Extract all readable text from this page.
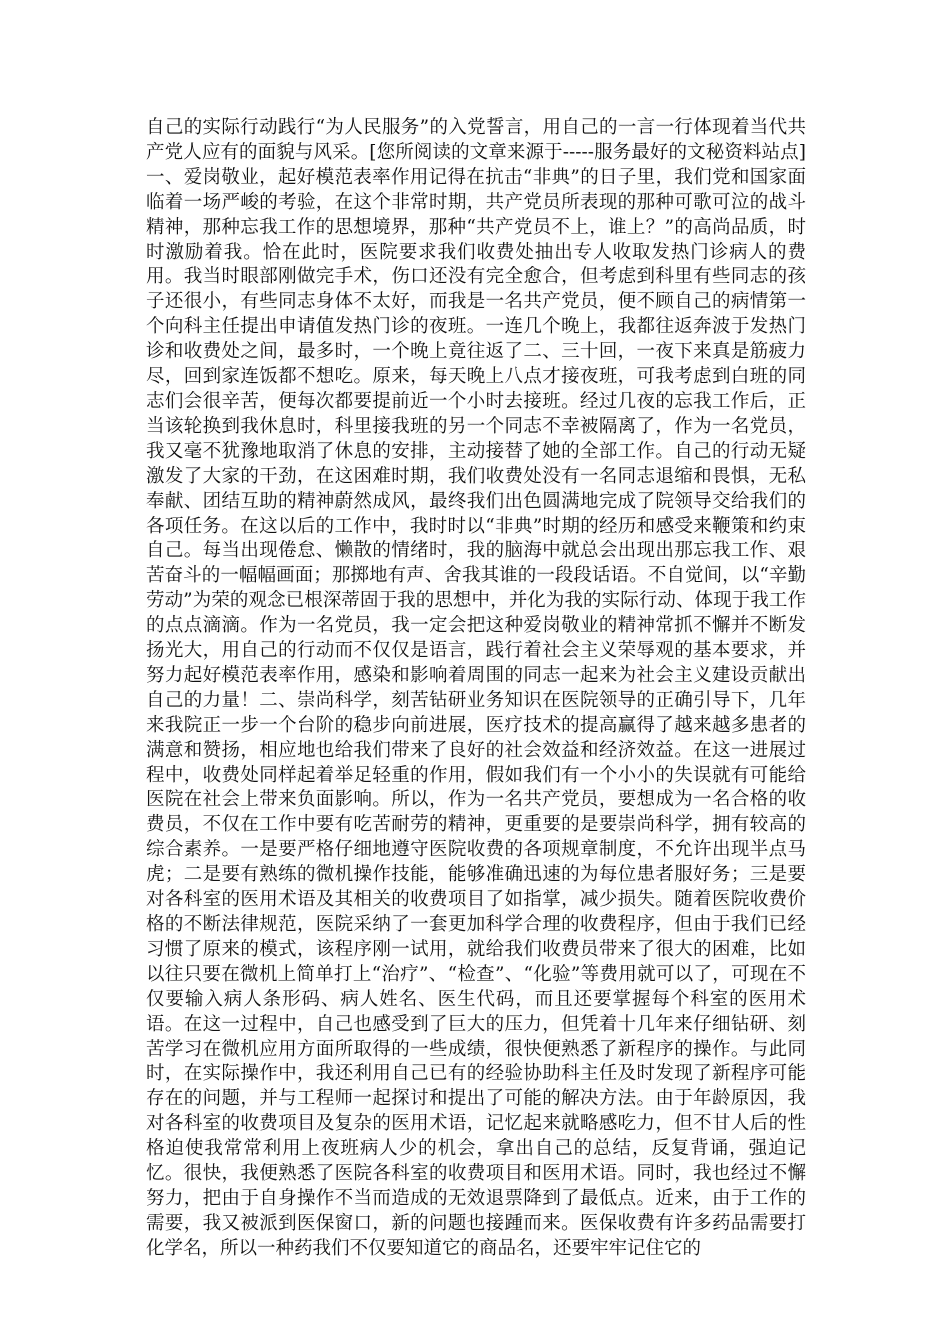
自己的实际行动践行“为人民服务”的入党誓言，用自己的一言一行体现着当代共产党人应有的面貌与风采。[您所阅读的文章来源于-----服务最好的文秘资料站点]一、爱岗敬业，起好模范表率作用记得在抗击“非典”的日子里，我们党和国家面临着一场严峻的考验，在这个非常时期，共产党员所表现的那种可歌可泣的战斗精神，那种忘我工作的思想境界，那种“共产党员不上，谁上？”的高尚品质，时时激励着我。恰在此时，医院要求我们收费处抽出专人收取发热门诊病人的费用。我当时眼部刚做完手术，伤口还没有完全愈合，但考虑到科里有些同志的孩子还很小，有些同志身体不太好，而我是一名共产党员，便不顾自己的病情第一个向科主任提出申请值发热门诊的夜班。一连几个晚上，我都往返奔波于发热门诊和收费处之间，最多时，一个晚上竟往返了二、三十回，一夜下来真是筋疲力尽，回到家连饭都不想吃。原来，每天晚上八点才接夜班，可我考虑到白班的同志们会很辛苦，便每次都要提前近一个小时去接班。经过几夜的忘我工作后，正当该轮换到我休息时，科里接我班的另一个同志不幸被隔离了，作为一名党员，我又毫不犹豫地取消了休息的安排，主动接替了她的全部工作。自己的行动无疑激发了大家的干劲，在这困难时期，我们收费处没有一名同志退缩和畏惧，无私奉献、团结互助的精神蔚然成风，最终我们出色圆满地完成了院领导交给我们的各项任务。在这以后的工作中，我时时以“非典”时期的经历和感受来鞭策和约束自己。每当出现倦怠、懒散的情绪时，我的脑海中就总会出现出那忘我工作、艰苦奋斗的一幅幅画面；那掷地有声、舍我其谁的一段段话语。不自觉间，以“辛勤劳动”为荣的观念已根深蒂固于我的思想中，并化为我的实际行动、体现于我工作的点点滴滴。作为一名党员，我一定会把这种爱岗敬业的精神常抓不懈并不断发扬光大，用自己的行动而不仅仅是语言，践行着社会主义荣辱观的基本要求，并努力起好模范表率作用，感染和影响着周围的同志一起来为社会主义建设贡献出自己的力量！二、崇尚科学，刻苦钻研业务知识在医院领导的正确引导下，几年来我院正一步一个台阶的稳步向前进展，医疗技术的提高赢得了越来越多患者的满意和赞扬，相应地也给我们带来了良好的社会效益和经济效益。在这一进展过程中，收费处同样起着举足轻重的作用，假如我们有一个小小的失误就有可能给医院在社会上带来负面影响。所以，作为一名共产党员，要想成为一名合格的收费员，不仅在工作中要有吃苦耐劳的精神，更重要的是要崇尚科学，拥有较高的综合素养。一是要严格仔细地遵守医院收费的各项规章制度，不允许出现半点马虎；二是要有熟练的微机操作技能，能够准确迅速的为每位患者服好务；三是要对各科室的医用术语及其相关的收费项目了如指掌，减少损失。随着医院收费价格的不断法律规范，医院采纳了一套更加科学合理的收费程序，但由于我们已经习惯了原来的模式，该程序刚一试用，就给我们收费员带来了很大的困难，比如以往只要在微机上简单打上“治疗”、“检查”、“化验”等费用就可以了，可现在不仅要输入病人条形码、病人姓名、医生代码，而且还要掌握每个科室的医用术语。在这一过程中，自己也感受到了巨大的压力，但凭着十几年来仔细钻研、刻苦学习在微机应用方面所取得的一些成绩，很快便熟悉了新程序的操作。与此同时，在实际操作中，我还利用自己已有的经验协助科主任及时发现了新程序可能存在的问题，并与工程师一起探讨和提出了可能的解决方法。由于年龄原因，我对各科室的收费项目及复杂的医用术语，记忆起来就略感吃力，但不甘人后的性格迫使我常常利用上夜班病人少的机会，拿出自己的总结，反复背诵，强迫记忆。很快，我便熟悉了医院各科室的收费项目和医用术语。同时，我也经过不懈努力，把由于自身操作不当而造成的无效退票降到了最低点。近来，由于工作的需要，我又被派到医保窗口，新的问题也接踵而来。医保收费有许多药品需要打化学名，所以一种药我们不仅要知道它的商品名，还要牢牢记住它的
